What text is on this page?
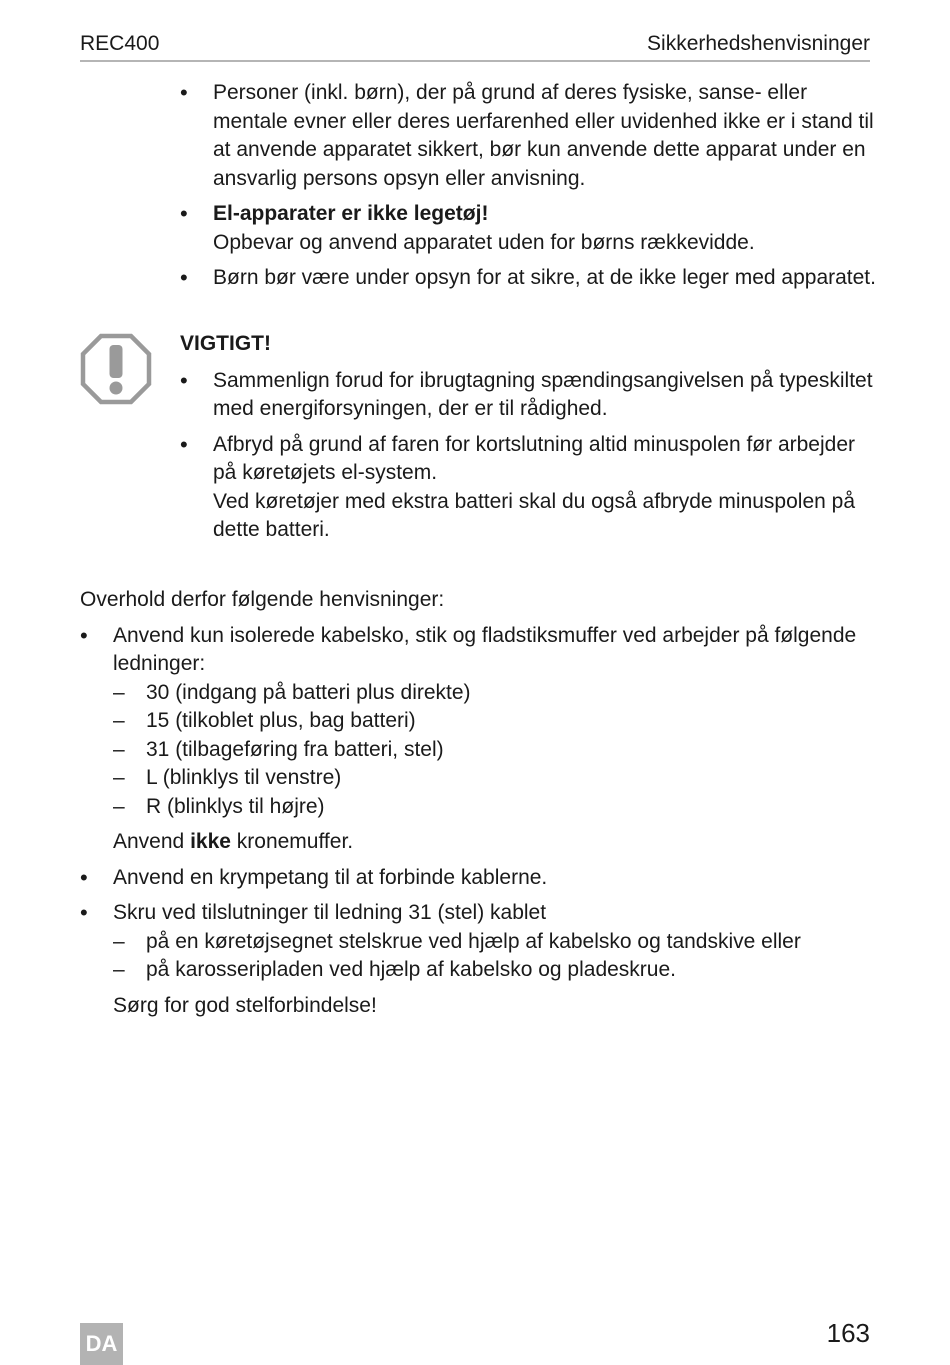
REC400	Sikkerhedshenvisninger
• Personer (inkl. børn), der på grund af deres fysiske, sanse- eller mentale evner eller deres uerfarenhed eller uvidenhed ikke er i stand til at anvende apparatet sikkert, bør kun anvende dette apparat under en ansvarlig persons opsyn eller anvisning.
• El-apparater er ikke legetøj!
Opbevar og anvend apparatet uden for børns rækkevidde.
• Børn bør være under opsyn for at sikre, at de ikke leger med apparatet.
VIGTIGT!
• Sammenlign forud for ibrugtagning spændingsangivelsen på typeskiltet med energiforsyningen, der er til rådighed.
• Afbryd på grund af faren for kortslutning altid minuspolen før arbejder på køretøjets el-system.
Ved køretøjer med ekstra batteri skal du også afbryde minuspolen på dette batteri.
Overhold derfor følgende henvisninger:
• Anvend kun isolerede kabelsko, stik og fladstiksmuffer ved arbejder på følgende ledninger:
– 30 (indgang på batteri plus direkte)
– 15 (tilkoblet plus, bag batteri)
– 31 (tilbageføring fra batteri, stel)
– L (blinklys til venstre)
– R (blinklys til højre)
Anvend ikke kronemuffer.
• Anvend en krympetang til at forbinde kablerne.
• Skru ved tilslutninger til ledning 31 (stel) kablet
– på en køretøjsegnet stelskrue ved hjælp af kabelsko og tandskive eller
– på karosseripladen ved hjælp af kabelsko og pladeskrue.
Sørg for god stelforbindelse!
DA	163
